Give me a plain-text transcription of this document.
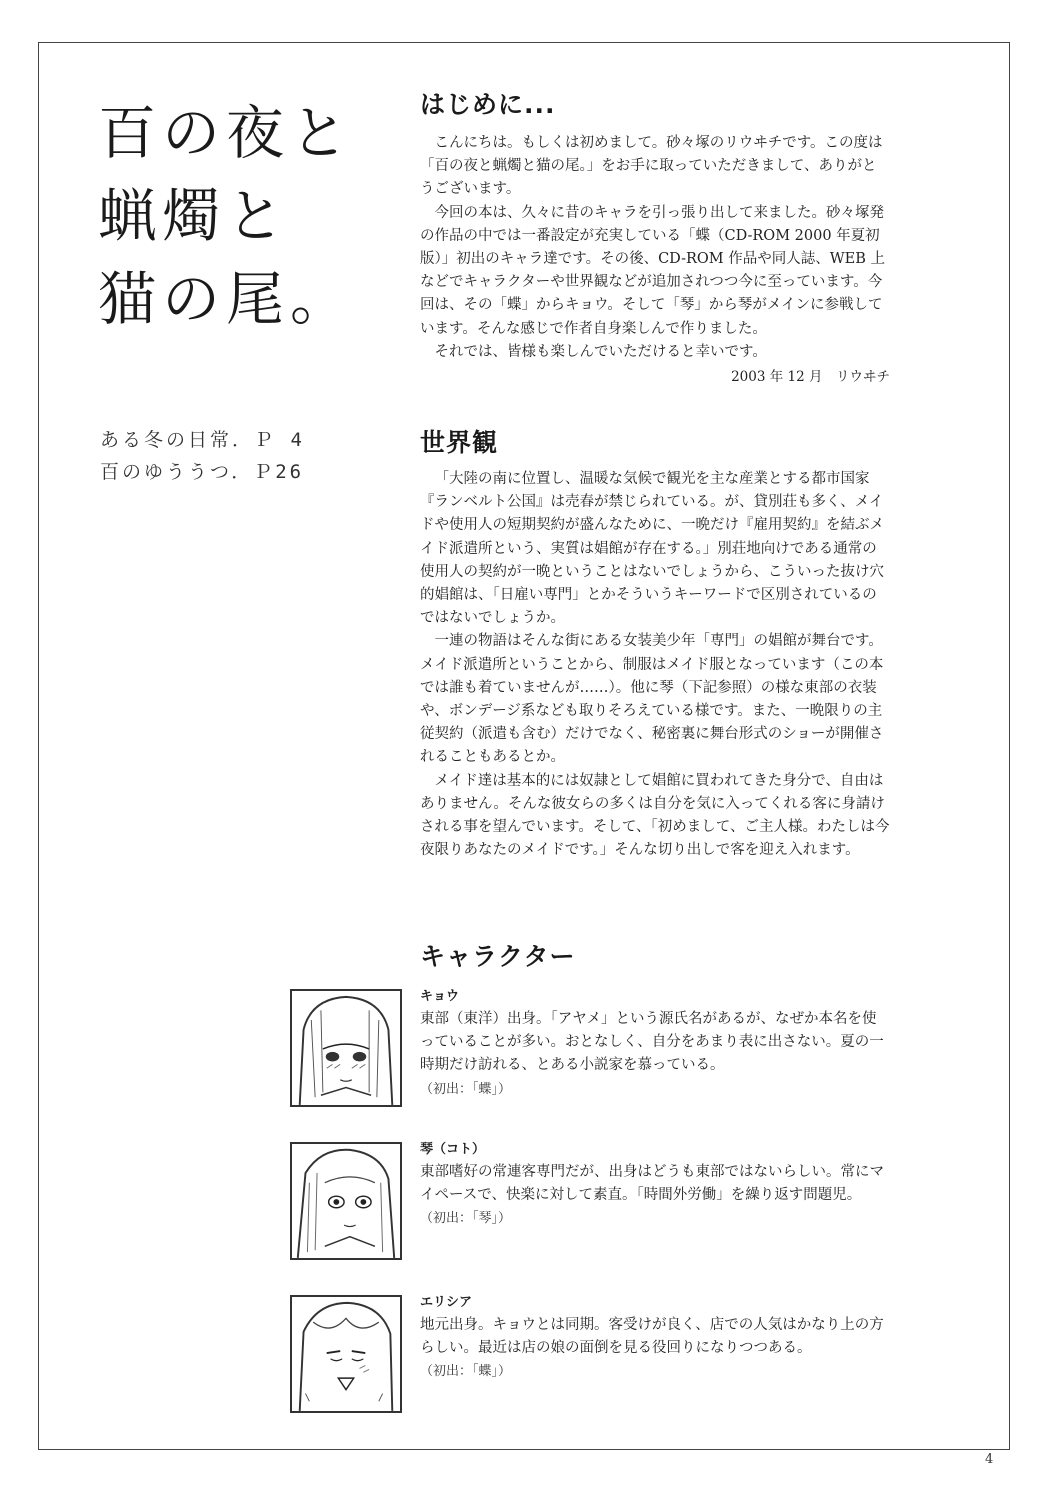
百の夜と
蝋燭と
猫の尾。
ある冬の日常．Ｐ 4
百のゆううつ．Ｐ26
はじめに...

こんにちは。もしくは初めまして。砂々塚のリウヰチです。この度は「百の夜と蝋燭と猫の尾。」をお手に取っていただきまして、ありがとうございます。

今回の本は、久々に昔のキャラを引っ張り出して来ました。砂々塚発の作品の中では一番設定が充実している「蝶（CD-ROM 2000 年夏初版）」初出のキャラ達です。その後、CD-ROM 作品や同人誌、WEB 上などでキャラクターや世界観などが追加されつつ今に至っています。今回は、その「蝶」からキョウ。そして「琴」から琴がメインに参戦しています。そんな感じで作者自身楽しんで作りました。

それでは、皆様も楽しんでいただけると幸いです。

2003 年 12 月　リウヰチ
世界観

「大陸の南に位置し、温暖な気候で観光を主な産業とする都市国家『ランベルト公国』は売春が禁じられている。が、貸別荘も多く、メイドや使用人の短期契約が盛んなために、一晩だけ『雇用契約』を結ぶメイド派遣所という、実質は娼館が存在する。」別荘地向けである通常の使用人の契約が一晩ということはないでしょうから、こういった抜け穴的娼館は、「日雇い専門」とかそういうキーワードで区別されているのではないでしょうか。

一連の物語はそんな街にある女装美少年「専門」の娼館が舞台です。メイド派遣所ということから、制服はメイド服となっています（この本では誰も着ていませんが……）。他に琴（下記参照）の様な東部の衣装や、ボンデージ系なども取りそろえている様です。また、一晩限りの主従契約（派遣も含む）だけでなく、秘密裏に舞台形式のショーが開催されることもあるとか。

メイド達は基本的には奴隷として娼館に買われてきた身分で、自由はありません。そんな彼女らの多くは自分を気に入ってくれる客に身請けされる事を望んでいます。そして、「初めまして、ご主人様。わたしは今夜限りあなたのメイドです。」そんな切り出しで客を迎え入れます。

キャラクター
キョウ

東部（東洋）出身。「アヤメ」という源氏名があるが、なぜか本名を使っていることが多い。おとなしく、自分をあまり表に出さない。夏の一時期だけ訪れる、とある小説家を慕っている。

（初出：「蝶」）

琴（コト）

東部嗜好の常連客専門だが、出身はどうも東部ではないらしい。常にマイペースで、快楽に対して素直。「時間外労働」を繰り返す問題児。

（初出：「琴」）

エリシア

地元出身。キョウとは同期。客受けが良く、店での人気はかなり上の方らしい。最近は店の娘の面倒を見る役回りになりつつある。

（初出：「蝶」）

4
